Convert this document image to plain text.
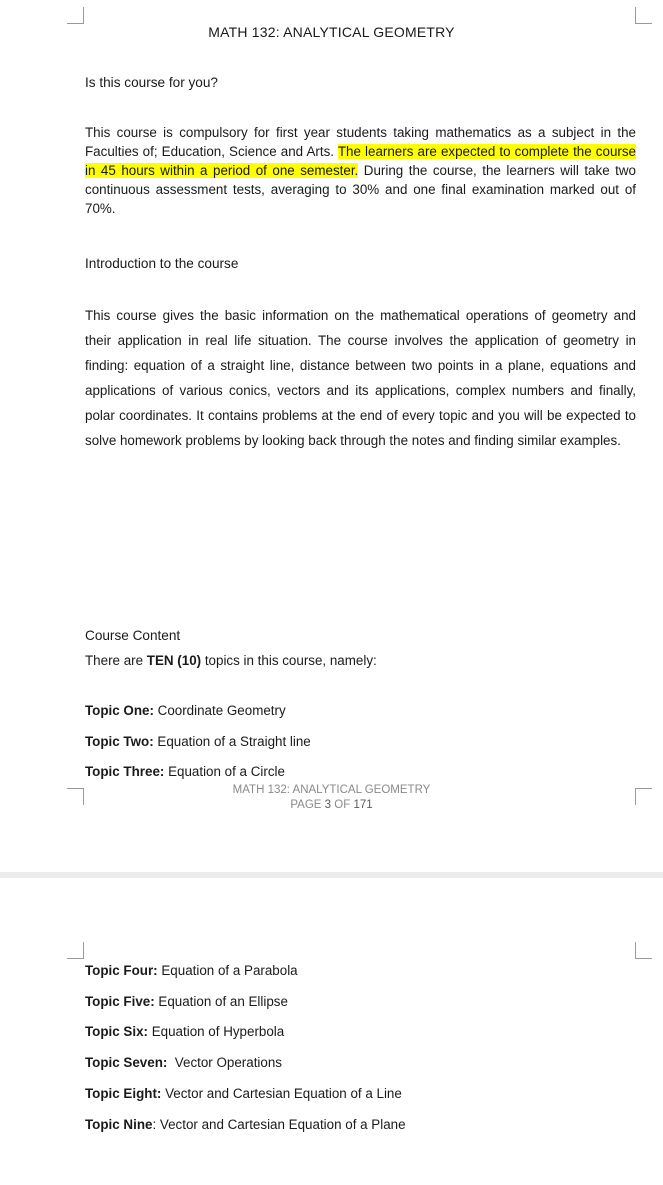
MATH 132: ANALYTICAL GEOMETRY
Is this course for you?
This course is compulsory for first year students taking mathematics as a subject in the Faculties of; Education, Science and Arts. The learners are expected to complete the course in 45 hours within a period of one semester. During the course, the learners will take two continuous assessment tests, averaging to 30% and one final examination marked out of 70%.
Introduction to the course
This course gives the basic information on the mathematical operations of geometry and their application in real life situation. The course involves the application of geometry in finding: equation of a straight line, distance between two points in a plane, equations and applications of various conics, vectors and its applications, complex numbers and finally, polar coordinates. It contains problems at the end of every topic and you will be expected to solve homework problems by looking back through the notes and finding similar examples.
Course Content
There are TEN (10) topics in this course, namely:
Topic One: Coordinate Geometry
Topic Two: Equation of a Straight line
Topic Three: Equation of a Circle
MATH 132: ANALYTICAL GEOMETRY
PAGE 3 OF 171
Topic Four: Equation of a Parabola
Topic Five: Equation of an Ellipse
Topic Six: Equation of Hyperbola
Topic Seven:  Vector Operations
Topic Eight: Vector and Cartesian Equation of a Line
Topic Nine: Vector and Cartesian Equation of a Plane
